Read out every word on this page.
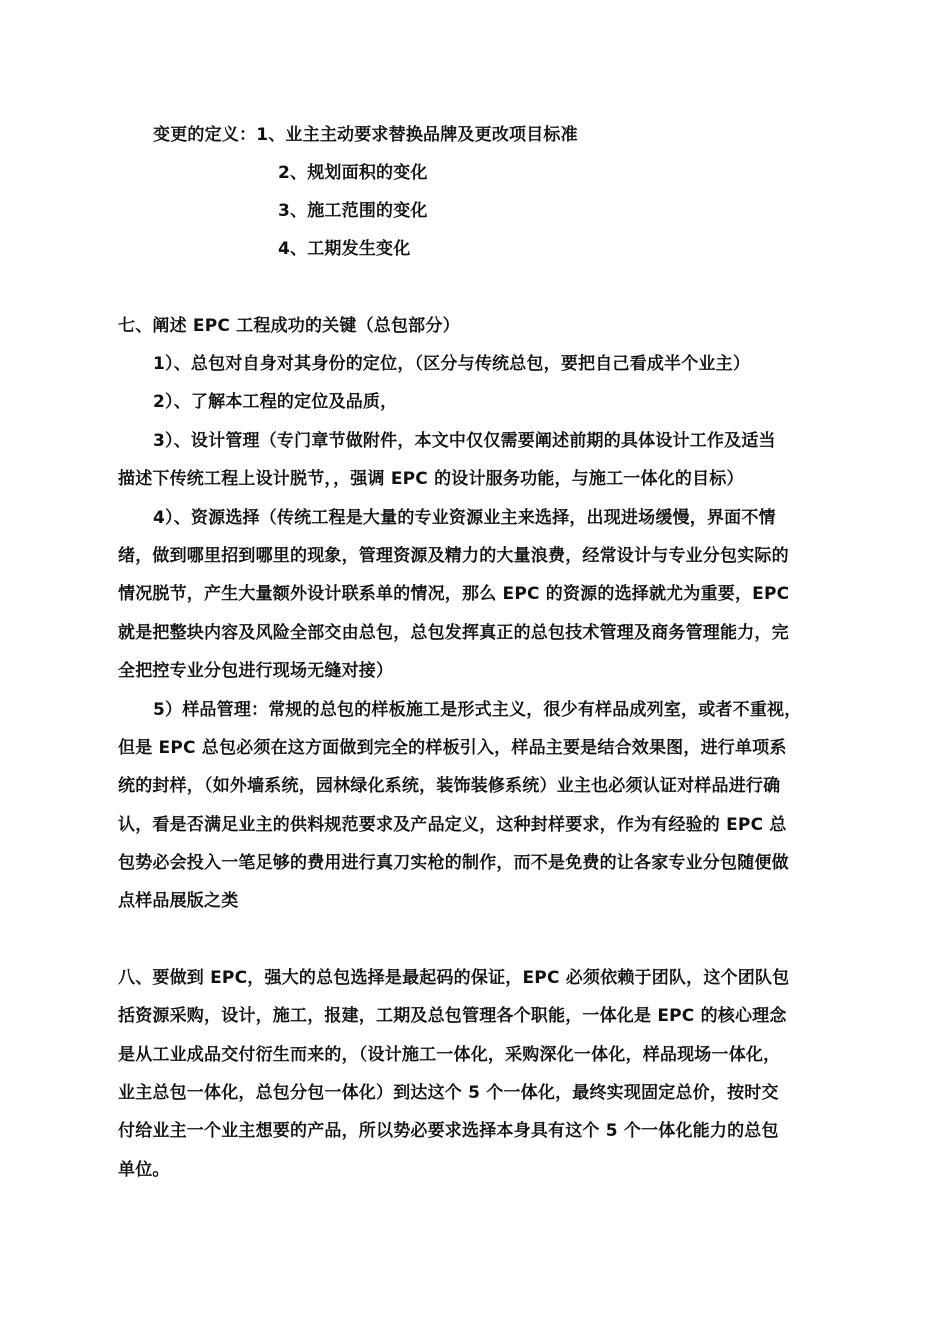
变更的定义：1、业主主动要求替换品牌及更改项目标准
2、规划面积的变化
3、施工范围的变化
4、工期发生变化
七、阐述 EPC 工程成功的关键（总包部分）
1）、总包对自身对其身份的定位，（区分与传统总包，要把自己看成半个业主）
2）、了解本工程的定位及品质，
3）、设计管理（专门章节做附件，本文中仅仅需要阐述前期的具体设计工作及适当
描述下传统工程上设计脱节，，强调 EPC 的设计服务功能，与施工一体化的目标）
4）、资源选择（传统工程是大量的专业资源业主来选择，出现进场缓慢，界面不情
绪，做到哪里招到哪里的现象，管理资源及精力的大量浪费，经常设计与专业分包实际的
情况脱节，产生大量额外设计联系单的情况，那么 EPC 的资源的选择就尤为重要，EPC
就是把整块内容及风险全部交由总包，总包发挥真正的总包技术管理及商务管理能力，完
全把控专业分包进行现场无缝对接）
5）样品管理：常规的总包的样板施工是形式主义，很少有样品成列室，或者不重视，
但是 EPC 总包必须在这方面做到完全的样板引入，样品主要是结合效果图，进行单项系
统的封样，（如外墙系统，园林绿化系统，装饰装修系统）业主也必须认证对样品进行确
认，看是否满足业主的供料规范要求及产品定义，这种封样要求，作为有经验的 EPC 总
包势必会投入一笔足够的费用进行真刀实枪的制作，而不是免费的让各家专业分包随便做
点样品展版之类
八、要做到 EPC，强大的总包选择是最起码的保证，EPC 必须依赖于团队，这个团队包
括资源采购，设计，施工，报建，工期及总包管理各个职能，一体化是 EPC 的核心理念
是从工业成品交付衍生而来的，（设计施工一体化，采购深化一体化，样品现场一体化，
业主总包一体化，总包分包一体化）到达这个 5 个一体化，最终实现固定总价，按时交
付给业主一个业主想要的产品，所以势必要求选择本身具有这个 5 个一体化能力的总包
单位。
